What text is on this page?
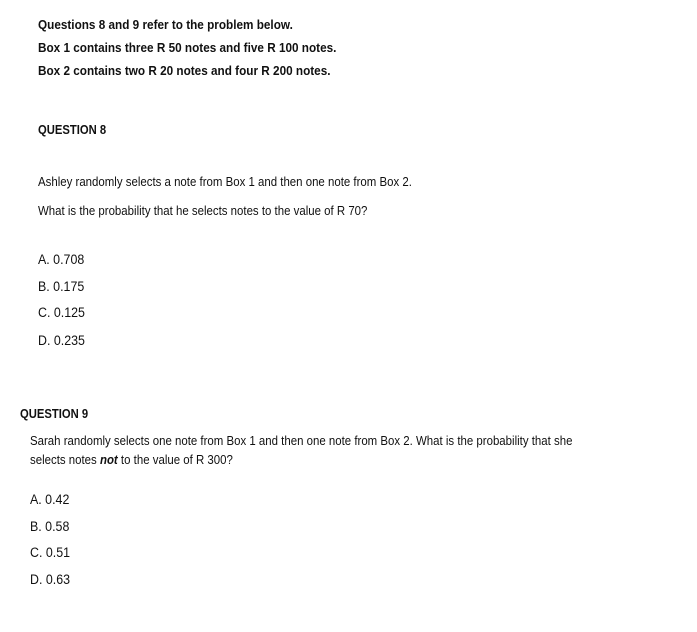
Questions 8 and 9 refer to the problem below.
Box 1 contains three R 50 notes and five R 100 notes.
Box 2 contains two R 20 notes and four R 200 notes.
QUESTION 8
Ashley randomly selects a note from Box 1 and then one note from Box 2.
What is the probability that he selects notes to the value of R 70?
A. 0.708
B. 0.175
C. 0.125
D. 0.235
QUESTION 9
Sarah randomly selects one note from Box 1 and then one note from Box 2. What is the probability that she
selects notes not to the value of R 300?
A. 0.42
B. 0.58
C. 0.51
D. 0.63
